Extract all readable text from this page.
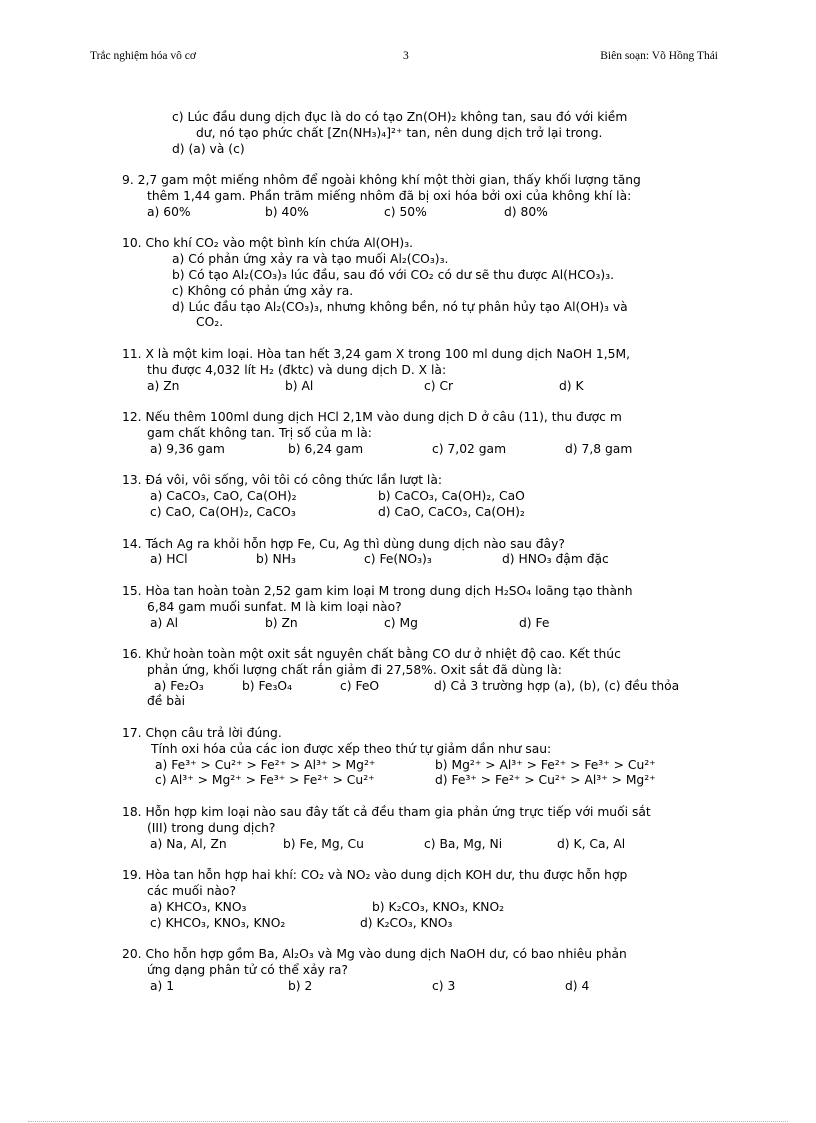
Trắc nghiệm hóa vô cơ	3	Biên soạn: Võ Hồng Thái
c) Lúc đầu dung dịch đục là do có tạo Zn(OH)₂ không tan, sau đó với kiềm
dư, nó tạo phức chất [Zn(NH₃)₄]²⁺ tan, nên dung dịch trở lại trong.
d) (a) và (c)
9. 2,7 gam một miếng nhôm để ngoài không khí một thời gian, thấy khối lượng tăng
thêm 1,44 gam. Phần trăm miếng nhôm đã bị oxi hóa bởi oxi của không khí là:
a) 60%	b) 40%	c) 50%	d) 80%
10. Cho khí CO₂ vào một bình kín chứa Al(OH)₃.
a) Có phản ứng xảy ra và tạo muối Al₂(CO₃)₃.
b) Có tạo Al₂(CO₃)₃ lúc đầu, sau đó với CO₂ có dư sẽ thu được Al(HCO₃)₃.
c) Không có phản ứng xảy ra.
d) Lúc đầu tạo Al₂(CO₃)₃, nhưng không bền, nó tự phân hủy tạo Al(OH)₃ và
CO₂.
11. X là một kim loại. Hòa tan hết 3,24 gam X trong 100 ml dung dịch NaOH 1,5M,
thu được 4,032 lít H₂ (đktc) và dung dịch D. X là:
a) Zn	b) Al	c) Cr	d) K
12. Nếu thêm 100ml dung dịch HCl 2,1M vào dung dịch D ở câu (11), thu được m
gam chất không tan. Trị số của m là:
a) 9,36 gam	b) 6,24 gam	c) 7,02 gam	d) 7,8 gam
13. Đá vôi, vôi sống, vôi tôi có công thức lần lượt là:
a) CaCO₃, CaO, Ca(OH)₂	b) CaCO₃, Ca(OH)₂, CaO
c) CaO, Ca(OH)₂, CaCO₃	d) CaO, CaCO₃, Ca(OH)₂
14. Tách Ag ra khỏi hỗn hợp Fe, Cu, Ag thì dùng dung dịch nào sau đây?
a) HCl	b) NH₃	c) Fe(NO₃)₃	d) HNO₃ đậm đặc
15. Hòa tan hoàn toàn 2,52 gam kim loại M trong dung dịch H₂SO₄ loãng tạo thành
6,84 gam muối sunfat. M là kim loại nào?
a) Al	b) Zn	c) Mg	d) Fe
16. Khử hoàn toàn một oxit sắt nguyên chất bằng CO dư ở nhiệt độ cao. Kết thúc
phản ứng, khối lượng chất rắn giảm đi 27,58%. Oxit sắt đã dùng là:
a) Fe₂O₃	b) Fe₃O₄	c) FeO	d) Cả 3 trường hợp (a), (b), (c) đều thỏa
đề bài
17. Chọn câu trả lời đúng.
Tính oxi hóa của các ion được xếp theo thứ tự giảm dần như sau:
a) Fe³⁺ > Cu²⁺ > Fe²⁺ > Al³⁺ > Mg²⁺	b) Mg²⁺ > Al³⁺ > Fe²⁺ > Fe³⁺ > Cu²⁺
c) Al³⁺ > Mg²⁺ > Fe³⁺ > Fe²⁺ > Cu²⁺	d) Fe³⁺ > Fe²⁺ > Cu²⁺ > Al³⁺ > Mg²⁺
18. Hỗn hợp kim loại nào sau đây tất cả đều tham gia phản ứng trực tiếp với muối sắt
(III) trong dung dịch?
a) Na, Al, Zn	b) Fe, Mg, Cu	c) Ba, Mg, Ni	d) K, Ca, Al
19. Hòa tan hỗn hợp hai khí: CO₂ và NO₂ vào dung dịch KOH dư, thu được hỗn hợp
các muối nào?
a) KHCO₃, KNO₃	b) K₂CO₃, KNO₃, KNO₂
c) KHCO₃, KNO₃, KNO₂	d) K₂CO₃, KNO₃
20. Cho hỗn hợp gồm Ba, Al₂O₃ và Mg vào dung dịch NaOH dư, có bao nhiêu phản
ứng dạng phân tử có thể xảy ra?
a) 1	b) 2	c) 3	d) 4
